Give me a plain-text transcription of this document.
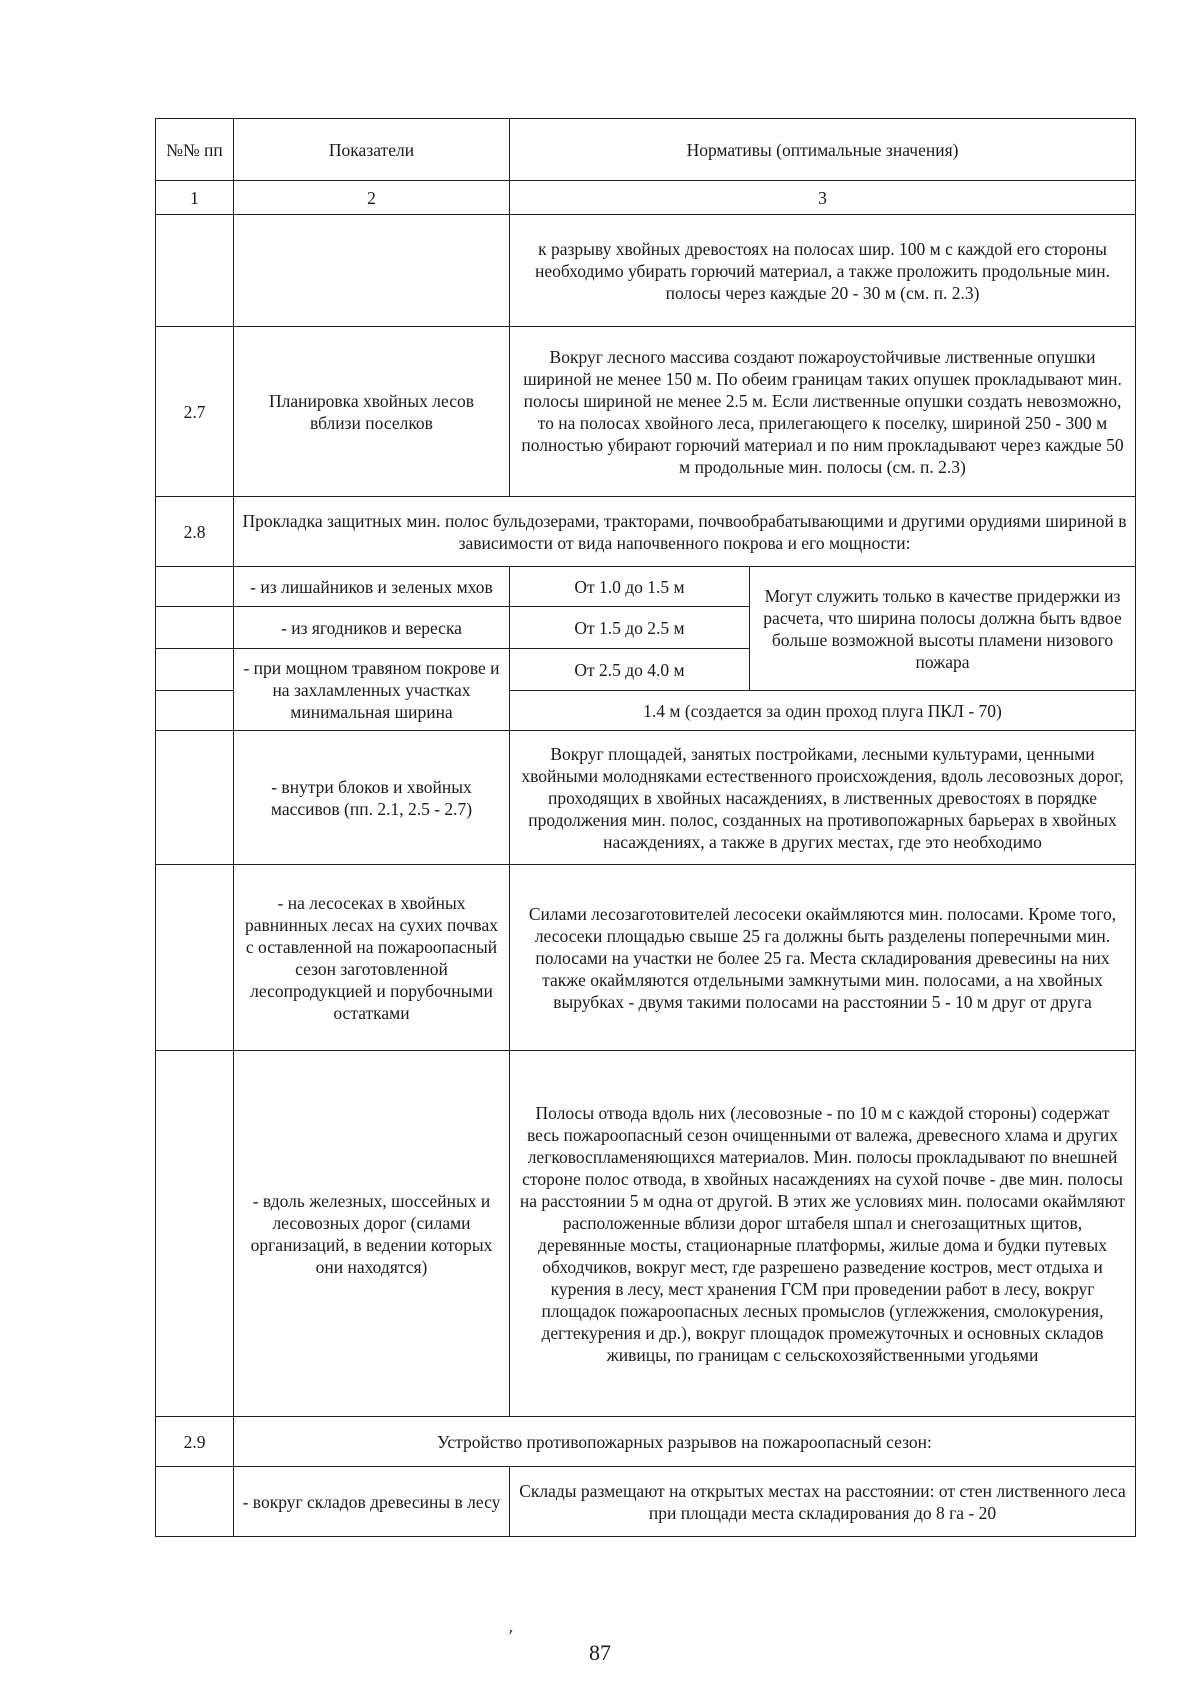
№№ пп	Показатели	Нормативы (оптимальные значения)	
1	2	3	
		к разрыву хвойных древостоях на полосах шир. 100 м с каждой его стороны необходимо убирать горючий материал, а также проложить продольные мин. полосы через каждые 20 - 30 м (см. п. 2.3)	
2.7	Планировка хвойных лесов вблизи поселков	Вокруг лесного массива создают пожароустойчивые лиственные опушки шириной не менее 150 м. По обеим границам таких опушек прокладывают мин. полосы шириной не менее 2.5 м. Если лиственные опушки создать невозможно, то на полосах хвойного леса, прилегающего к поселку, шириной 250 - 300 м полностью убирают горючий материал и по ним прокладывают через каждые 50 м продольные мин. полосы (см. п. 2.3)	
2.8	Прокладка защитных мин. полос бульдозерами, тракторами, почвообрабатывающими и другими орудиями шириной в зависимости от вида напочвенного покрова и его мощности:		
	- из лишайников и зеленых мхов	От 1.0 до 1.5 м	Могут служить только в качестве придержки из расчета, что ширина полосы должна быть вдвое больше возможной высоты пламени низового пожара
	- из ягодников и вереска	От 1.5 до 2.5 м	
	- при мощном травяном покрове и на захламленных участках минимальная ширина	От 2.5 до 4.0 м	
		1.4 м (создается за один проход плуга ПКЛ - 70)	
	- внутри блоков и хвойных массивов (пп. 2.1, 2.5 - 2.7)	Вокруг площадей, занятых постройками, лесными культурами, ценными хвойными молодняками естественного происхождения, вдоль лесовозных дорог, проходящих в хвойных насаждениях, в лиственных древостоях в порядке продолжения мин. полос, созданных на противопожарных барьерах в хвойных насаждениях, а также в других местах, где это необходимо	
	- на лесосеках в хвойных равнинных лесах на сухих почвах с оставленной на пожароопасный сезон заготовленной лесопродукцией и порубочными остатками	Силами лесозаготовителей лесосеки окаймляются мин. полосами. Кроме того, лесосеки площадью свыше 25 га должны быть разделены поперечными мин. полосами на участки не более 25 га. Места складирования древесины на них также окаймляются отдельными замкнутыми мин. полосами, а на хвойных вырубках - двумя такими полосами на расстоянии 5 - 10 м друг от друга	
	- вдоль железных, шоссейных и лесовозных дорог (силами организаций, в ведении которых они находятся)	Полосы отвода вдоль них (лесовозные - по 10 м с каждой стороны) содержат весь пожароопасный сезон очищенными от валежа, древесного хлама и других легковоспламеняющихся материалов. Мин. полосы прокладывают по внешней стороне полос отвода, в хвойных насаждениях на сухой почве - две мин. полосы на расстоянии 5 м одна от другой. В этих же условиях мин. полосами окаймляют расположенные вблизи дорог штабеля шпал и снегозащитных щитов, деревянные мосты, стационарные платформы, жилые дома и будки путевых обходчиков, вокруг мест, где разрешено разведение костров, мест отдыха и курения в лесу, мест хранения ГСМ при проведении работ в лесу, вокруг площадок пожароопасных лесных промыслов (углежжения, смолокурения, дегтекурения и др.), вокруг площадок промежуточных и основных складов живицы, по границам с сельскохозяйственными угодьями	
2.9	Устройство противопожарных разрывов на пожароопасный сезон:		
	- вокруг складов древесины в лесу	Склады размещают на открытых местах на расстоянии: от стен лиственного леса при площади места складирования до 8 га - 20	
ʹ
87
